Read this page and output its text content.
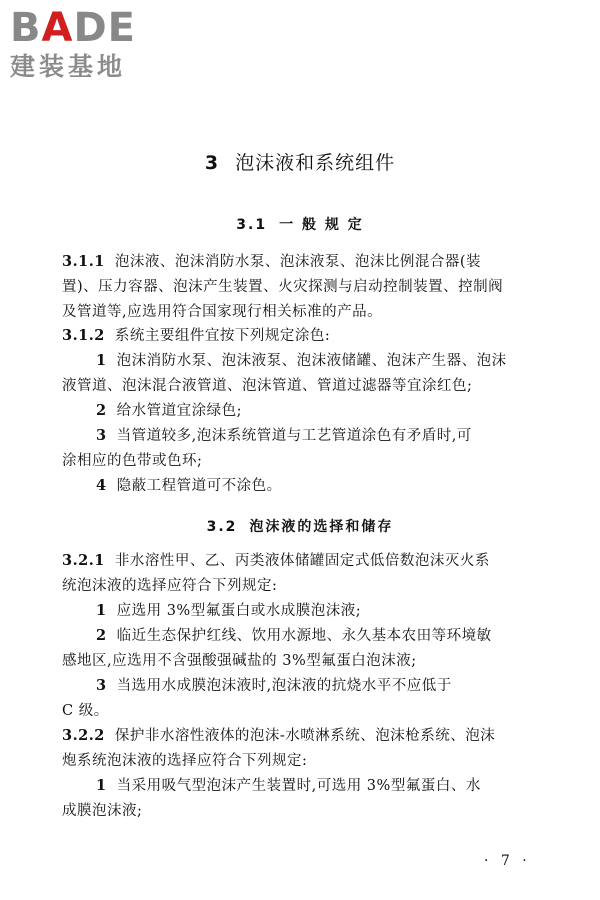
BADE
建装基地
3 泡沫液和系统组件
3.1 一 般 规 定
3.2 泡沫液的选择和储存
3.1.1 泡沫液、泡沫消防水泵、泡沫液泵、泡沫比例混合器(装
置)、压力容器、泡沫产生装置、火灾探测与启动控制装置、控制阀
及管道等,应选用符合国家现行相关标准的产品。
3.1.2 系统主要组件宜按下列规定涂色:
1 泡沫消防水泵、泡沫液泵、泡沫液储罐、泡沫产生器、泡沫
液管道、泡沫混合液管道、泡沫管道、管道过滤器等宜涂红色;
2 给水管道宜涂绿色;
3 当管道较多,泡沫系统管道与工艺管道涂色有矛盾时,可
涂相应的色带或色环;
4 隐蔽工程管道可不涂色。
3.2.1 非水溶性甲、乙、丙类液体储罐固定式低倍数泡沫灭火系
统泡沫液的选择应符合下列规定:
1 应选用 3%型氟蛋白或水成膜泡沫液;
2 临近生态保护红线、饮用水源地、永久基本农田等环境敏
感地区,应选用不含强酸强碱盐的 3%型氟蛋白泡沫液;
3 当选用水成膜泡沫液时,泡沫液的抗烧水平不应低于
C 级。
3.2.2 保护非水溶性液体的泡沫-水喷淋系统、泡沫枪系统、泡沫
炮系统泡沫液的选择应符合下列规定:
1 当采用吸气型泡沫产生装置时,可选用 3%型氟蛋白、水
成膜泡沫液;
· 7 ·
